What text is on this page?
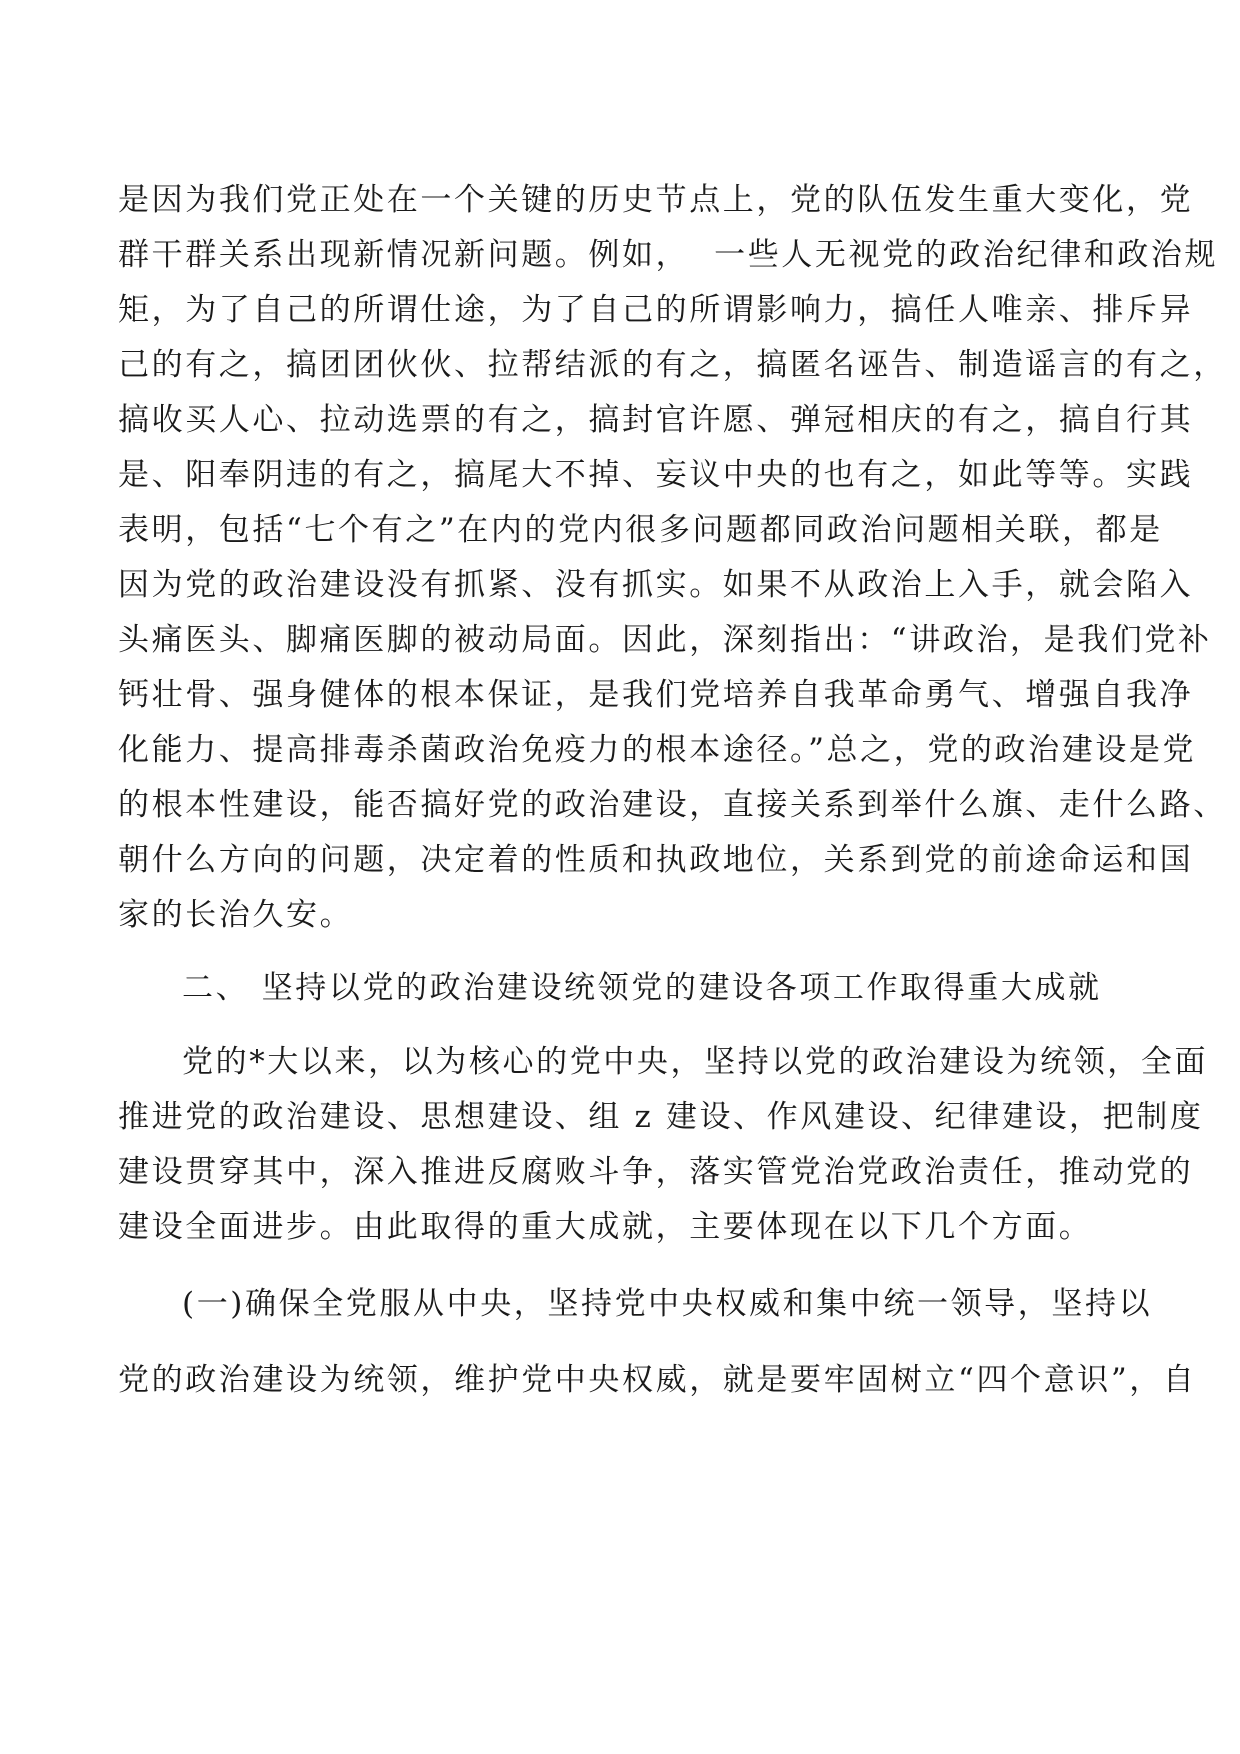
是因为我们党正处在一个关键的历史节点上，党的队伍发生重大变化，党
群干群关系出现新情况新问题。例如，  一些人无视党的政治纪律和政治规
矩，为了自己的所谓仕途，为了自己的所谓影响力，搞任人唯亲、排斥异
己的有之，搞团团伙伙、拉帮结派的有之，搞匿名诬告、制造谣言的有之，
搞收买人心、拉动选票的有之，搞封官许愿、弹冠相庆的有之，搞自行其
是、阳奉阴违的有之，搞尾大不掉、妄议中央的也有之，如此等等。实践
表明，包括“七个有之”在内的党内很多问题都同政治问题相关联，都是
因为党的政治建设没有抓紧、没有抓实。如果不从政治上入手，就会陷入
头痛医头、脚痛医脚的被动局面。因此，深刻指出：“讲政治，是我们党补
钙壮骨、强身健体的根本保证，是我们党培养自我革命勇气、增强自我净
化能力、提高排毒杀菌政治免疫力的根本途径。”总之，党的政治建设是党
的根本性建设，能否搞好党的政治建设，直接关系到举什么旗、走什么路、
朝什么方向的问题，决定着的性质和执政地位，关系到党的前途命运和国
家的长治久安。
二、 坚持以党的政治建设统领党的建设各项工作取得重大成就
党的*大以来，以为核心的党中央，坚持以党的政治建设为统领，全面
推进党的政治建设、思想建设、组 z 建设、作风建设、纪律建设，把制度
建设贯穿其中，深入推进反腐败斗争，落实管党治党政治责任，推动党的
建设全面进步。由此取得的重大成就，主要体现在以下几个方面。
(一)确保全党服从中央，坚持党中央权威和集中统一领导，坚持以
党的政治建设为统领，维护党中央权威，就是要牢固树立“四个意识”，自
